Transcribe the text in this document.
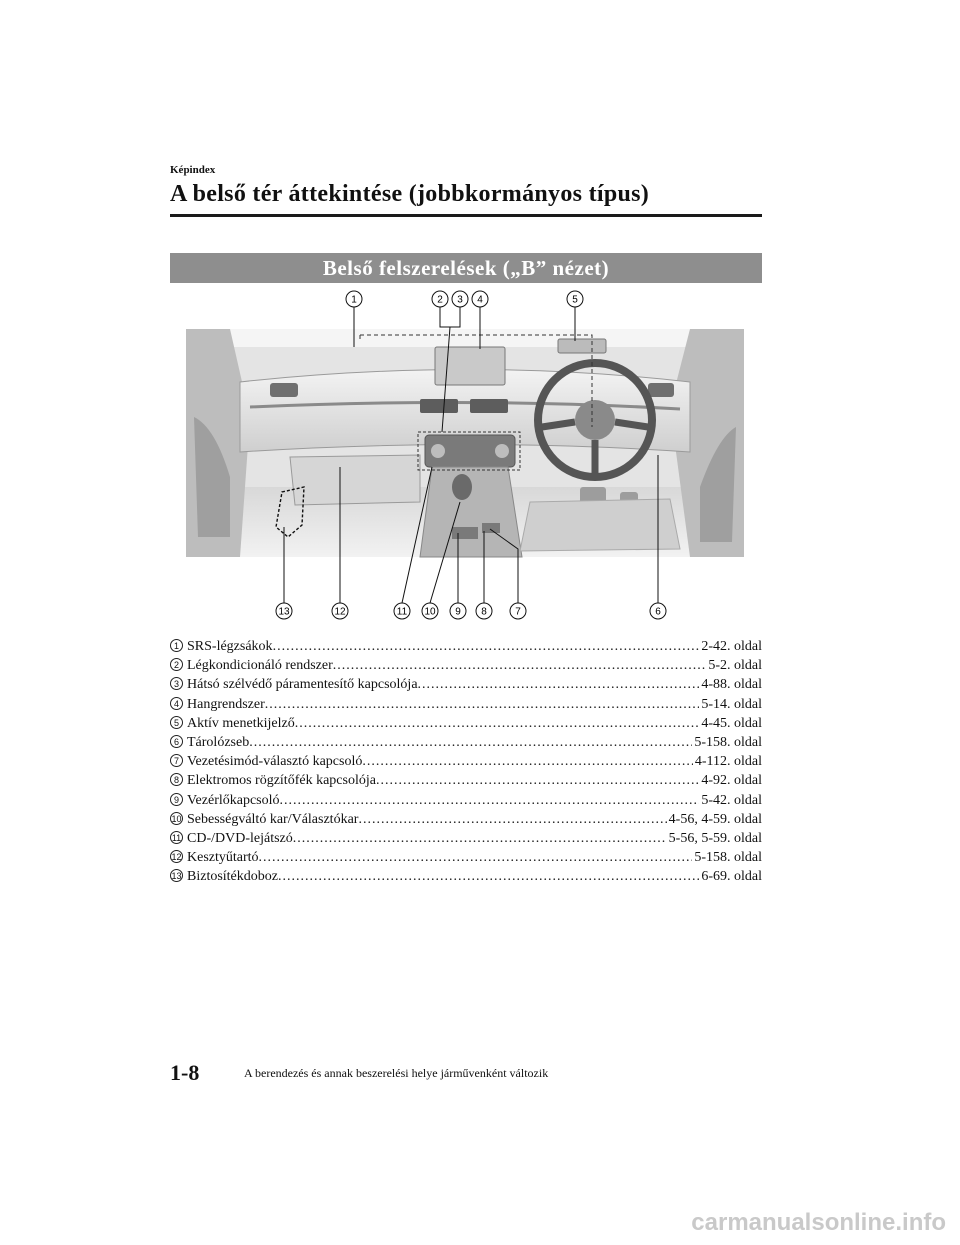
Képindex
A belső tér áttekintése (jobbkormányos típus)
Belső felszerelések („B” nézet)
1	2 3 4	5
13	12	11 10 9 8	7	6
1 SRS-légzsákok .....	2-42. oldal
2 Légkondicionáló rendszer .....	5-2. oldal
3 Hátsó szélvédő páramentesítő kapcsolója .....	4-88. oldal
4 Hangrendszer .....	5-14. oldal
5 Aktív menetkijelző .....	4-45. oldal
6 Tárolózseb .....	5-158. oldal
7 Vezetésimód-választó kapcsoló .....	4-112. oldal
8 Elektromos rögzítőfék kapcsolója .....	4-92. oldal
9 Vezérlőkapcsoló .....	5-42. oldal
10 Sebességváltó kar/Választókar .....	4-56, 4-59. oldal
11 CD-/DVD-lejátszó .....	5-56, 5-59. oldal
12 Kesztyűtartó .....	5-158. oldal
13 Biztosítékdoboz .....	6-69. oldal
1-8	A berendezés és annak beszerelési helye járművenként változik
carmanualsonline.info
